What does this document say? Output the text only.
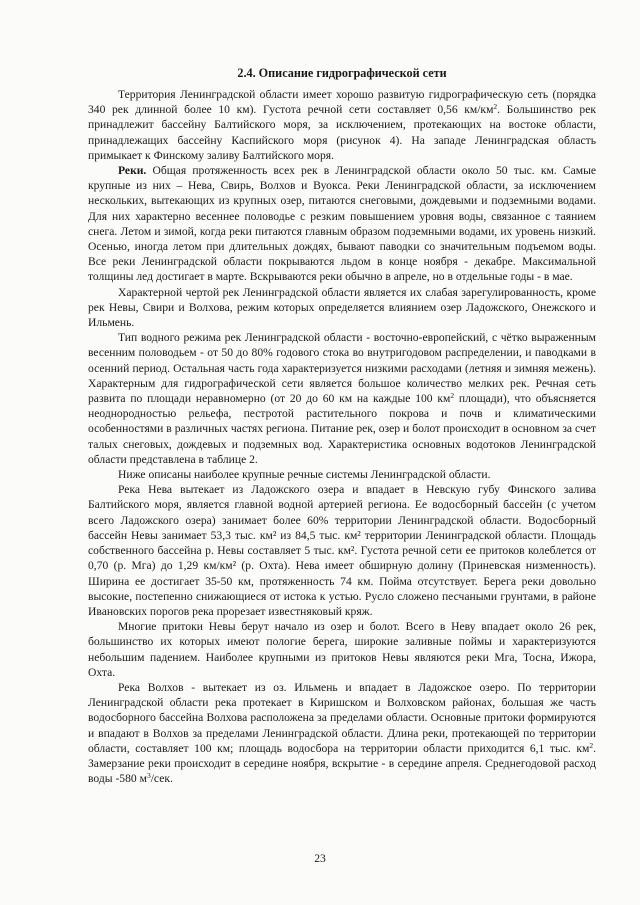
2.4. Описание гидрографической сети

Территория Ленинградской области имеет хорошо развитую гидрографическую сеть (порядка 340 рек длинной более 10 км). Густота речной сети составляет 0,56 $км/км^2$. Большинство рек принадлежит бассейну Балтийского моря, за исключением, протекающих на востоке области, принадлежащих бассейну Каспийского моря (рисунок 4). На западе Ленинградская область примыкает к Финскому заливу Балтийского моря.

Реки. Общая протяженность всех рек в Ленинградской области около 50 тыс. км. Самые крупные из них – Нева, Свирь, Волхов и Вуокса. Реки Ленинградской области, за исключением нескольких, вытекающих из крупных озер, питаются снеговыми, дождевыми и подземными водами. Для них характерно весеннее половодье с резким повышением уровня воды, связанное с таянием снега. Летом и зимой, когда реки питаются главным образом подземными водами, их уровень низкий. Осенью, иногда летом при длительных дождях, бывают паводки со значительным подъемом воды. Все реки Ленинградской области покрываются льдом в конце ноября - декабре. Максимальной толщины лед достигает в марте. Вскрываются реки обычно в апреле, но в отдельные годы - в мае.

Характерной чертой рек Ленинградской области является их слабая зарегулированность, кроме рек Невы, Свири и Волхова, режим которых определяется влиянием озер Ладожского, Онежского и Ильмень.

Тип водного режима рек Ленинградской области - восточно-европейский, с чётко выраженным весенним половодьем - от 50 до 80% годового стока во внутригодовом распределении, и паводками в осенний период. Остальная часть года характеризуется низкими расходами (летняя и зимняя межень). Характерным для гидрографической сети является большое количество мелких рек. Речная сеть развита по площади неравномерно (от 20 до 60 км на каждые 100 $км^2$ площади), что объясняется неоднородностью рельефа, пестротой растительного покрова и почв и климатическими особенностями в различных частях региона. Питание рек, озер и болот происходит в основном за счет талых снеговых, дождевых и подземных вод. Характеристика основных водотоков Ленинградской области представлена в таблице 2.

Ниже описаны наиболее крупные речные системы Ленинградской области.

Река Нева вытекает из Ладожского озера и впадает в Невскую губу Финского залива Балтийского моря, является главной водной артерией региона. Ее водосборный бассейн (с учетом всего Ладожского озера) занимает более 60% территории Ленинградской области. Водосборный бассейн Невы занимает 53,3 тыс. км² из 84,5 тыс. км² территории Ленинградской области. Площадь собственного бассейна р. Невы составляет 5 тыс. км². Густота речной сети ее притоков колеблется от 0,70 (р. Мга) до 1,29 км/км² (р. Охта). Нева имеет обширную долину (Приневская низменность). Ширина ее достигает 35-50 км, протяженность 74 км. Пойма отсутствует. Берега реки довольно высокие, постепенно снижающиеся от истока к устью. Русло сложено песчаными грунтами, в районе Ивановских порогов река прорезает известняковый кряж.

Многие притоки Невы берут начало из озер и болот. Всего в Неву впадает около 26 рек, большинство их которых имеют пологие берега, широкие заливные поймы и характеризуются небольшим падением. Наиболее крупными из притоков Невы являются реки Мга, Тосна, Ижора, Охта.

Река Волхов - вытекает из оз. Ильмень и впадает в Ладожское озеро. По территории Ленинградской области река протекает в Киришском и Волховском районах, большая же часть водосборного бассейна Волхова расположена за пределами области. Основные притоки формируются и впадают в Волхов за пределами Ленинградской области. Длина реки, протекающей по территории области, составляет 100 км; площадь водосбора на территории области приходится 6,1 тыс. $км^2$. Замерзание реки происходит в середине ноября, вскрытие - в середине апреля. Среднегодовой расход воды -580 $м^3$/сек.

23
